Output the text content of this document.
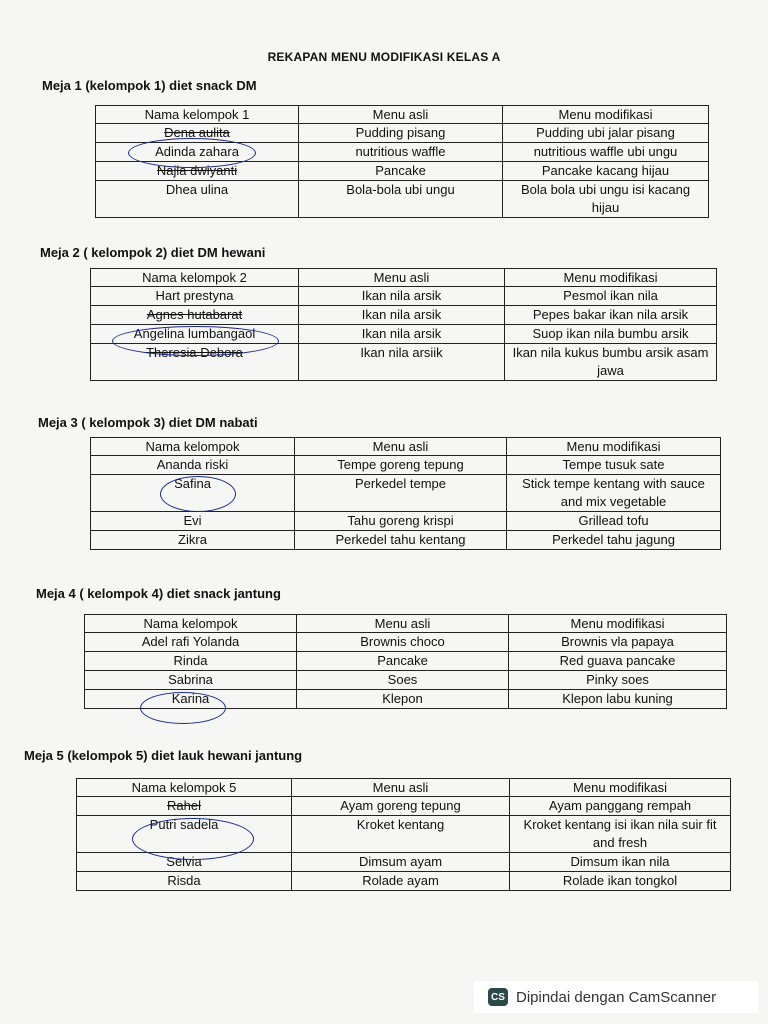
REKAPAN MENU MODIFIKASI KELAS A
Meja 1 (kelompok 1) diet snack DM
Nama kelompok 1	Menu asli	Menu modifikasi
Dena aulita	Pudding pisang	Pudding ubi jalar pisang
Adinda zahara	nutritious waffle	nutritious waffle ubi ungu
Najla dwiyanti	Pancake	Pancake kacang hijau
Dhea ulina	Bola-bola ubi ungu	Bola bola ubi ungu isi kacang hijau
Meja 2 ( kelompok 2) diet DM hewani
Nama kelompok 2	Menu asli	Menu modifikasi
Hart prestyna	Ikan nila arsik	Pesmol ikan nila
Agnes hutabarat	Ikan nila arsik	Pepes bakar ikan nila arsik
Angelina lumbangaol	Ikan nila arsik	Suop ikan nila bumbu arsik
Theresia Debora	Ikan nila arsiik	Ikan nila kukus bumbu arsik asam jawa
Meja 3 ( kelompok 3) diet DM nabati
Nama kelompok	Menu asli	Menu modifikasi
Ananda riski	Tempe goreng tepung	Tempe tusuk sate
Safina	Perkedel tempe	Stick tempe kentang with sauce and mix vegetable
Evi	Tahu goreng krispi	Grillead tofu
Zikra	Perkedel tahu kentang	Perkedel tahu jagung
Meja 4 ( kelompok 4) diet snack jantung
Nama kelompok	Menu asli	Menu modifikasi
Adel rafi Yolanda	Brownis choco	Brownis vla papaya
Rinda	Pancake	Red guava pancake
Sabrina	Soes	Pinky soes
Karina	Klepon	Klepon labu kuning
Meja 5 (kelompok 5) diet lauk hewani jantung
Nama kelompok 5	Menu asli	Menu modifikasi
Rahel	Ayam goreng tepung	Ayam panggang rempah
Putri sadela	Kroket kentang	Kroket kentang isi ikan nila suir fit and fresh
Selvia	Dimsum ayam	Dimsum ikan nila
Risda	Rolade ayam	Rolade ikan tongkol
CS Dipindai dengan CamScanner
